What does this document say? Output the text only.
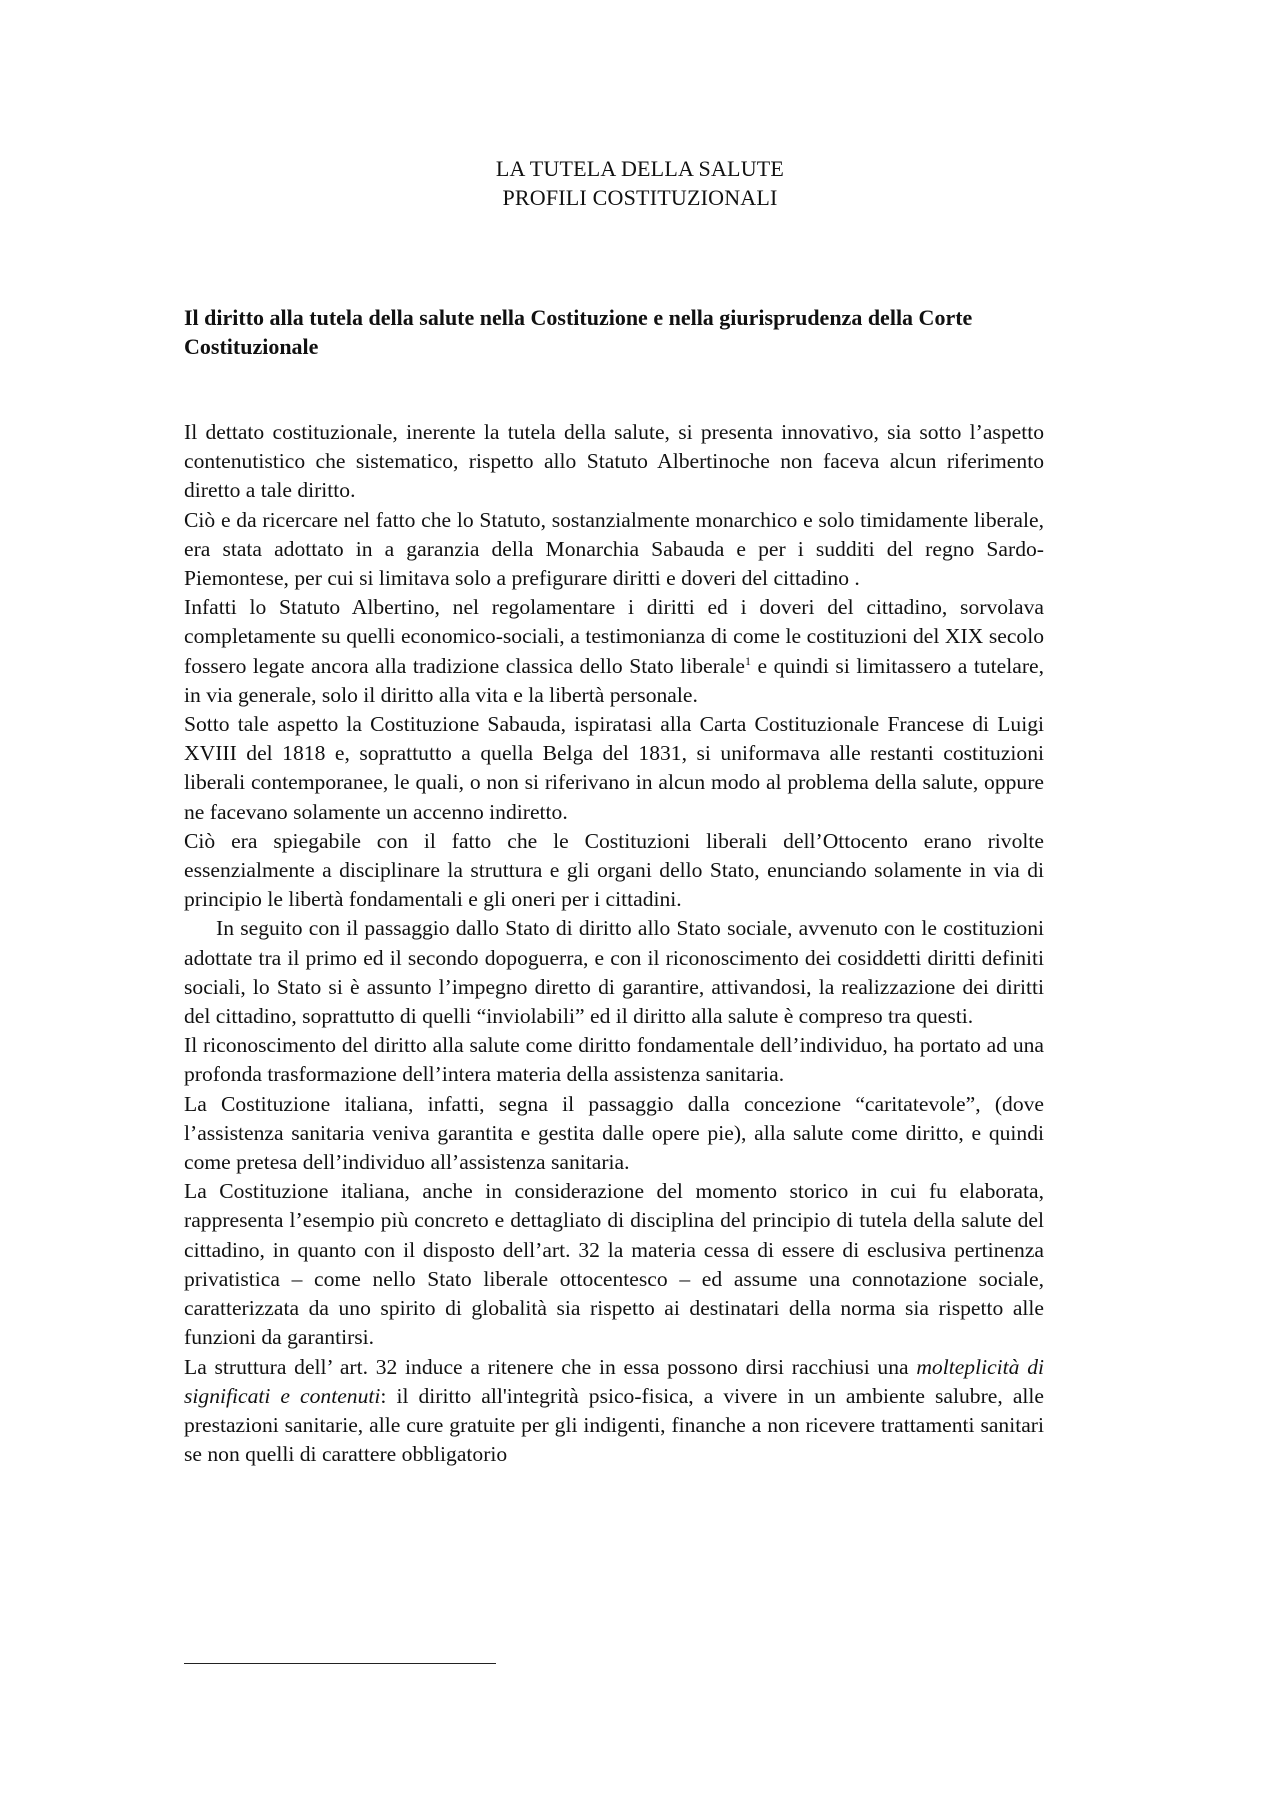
LA TUTELA DELLA SALUTE
PROFILI COSTITUZIONALI
Il diritto alla tutela della salute nella Costituzione e nella giurisprudenza della Corte Costituzionale

Il dettato costituzionale, inerente la tutela della salute, si presenta innovativo, sia sotto l’aspetto contenutistico che sistematico, rispetto allo Statuto Albertinoche non faceva alcun riferimento diretto a tale diritto.

Ciò e da ricercare nel fatto che lo Statuto, sostanzialmente monarchico e solo timidamente liberale, era stata adottato in a garanzia della Monarchia Sabauda e per i sudditi del regno Sardo- Piemontese, per cui si limitava solo a prefigurare diritti e doveri del cittadino .

Infatti lo Statuto Albertino, nel regolamentare i diritti ed i doveri del cittadino, sorvolava completamente su quelli economico-sociali, a testimonianza di come le costituzioni del XIX secolo fossero legate ancora alla tradizione classica dello Stato liberale$^1$ e quindi si limitassero a tutelare, in via generale, solo il diritto alla vita e la libertà personale.

Sotto tale aspetto la Costituzione Sabauda, ispiratasi alla Carta Costituzionale Francese di Luigi XVIII del 1818 e, soprattutto a quella Belga del 1831, si uniformava alle restanti costituzioni liberali contemporanee, le quali, o non si riferivano in alcun modo al problema della salute, oppure ne facevano solamente un accenno indiretto.

Ciò era spiegabile con il fatto che le Costituzioni liberali dell’Ottocento erano rivolte essenzialmente a disciplinare la struttura e gli organi dello Stato, enunciando solamente in via di principio le libertà fondamentali e gli oneri per i cittadini.

In seguito con il passaggio dallo Stato di diritto allo Stato sociale, avvenuto con le costituzioni adottate tra il primo ed il secondo dopoguerra, e con il riconoscimento dei cosiddetti diritti definiti sociali, lo Stato si è assunto l’impegno diretto di garantire, attivandosi, la realizzazione dei diritti del cittadino, soprattutto di quelli “inviolabili” ed il diritto alla salute è compreso tra questi.

Il riconoscimento del diritto alla salute come diritto fondamentale dell’individuo, ha portato ad una profonda trasformazione dell’intera materia della assistenza sanitaria.

La Costituzione italiana, infatti, segna il passaggio dalla concezione “caritatevole”, (dove l’assistenza sanitaria veniva garantita e gestita dalle opere pie), alla salute come diritto, e quindi come pretesa dell’individuo all’assistenza sanitaria.

La Costituzione italiana, anche in considerazione del momento storico in cui fu elaborata, rappresenta l’esempio più concreto e dettagliato di disciplina del principio di tutela della salute del cittadino, in quanto con il disposto dell’art. 32 la materia cessa di essere di esclusiva pertinenza privatistica – come nello Stato liberale ottocentesco – ed assume una connotazione sociale, caratterizzata da uno spirito di globalità sia rispetto ai destinatari della norma sia rispetto alle funzioni da garantirsi.

La struttura dell’ art. 32 induce a ritenere che in essa possono dirsi racchiusi una molteplicità di significati e contenuti: il diritto all'integrità psico-fisica, a vivere in un ambiente salubre, alle prestazioni sanitarie, alle cure gratuite per gli indigenti, finanche a non ricevere trattamenti sanitari se non quelli di carattere obbligatorio
